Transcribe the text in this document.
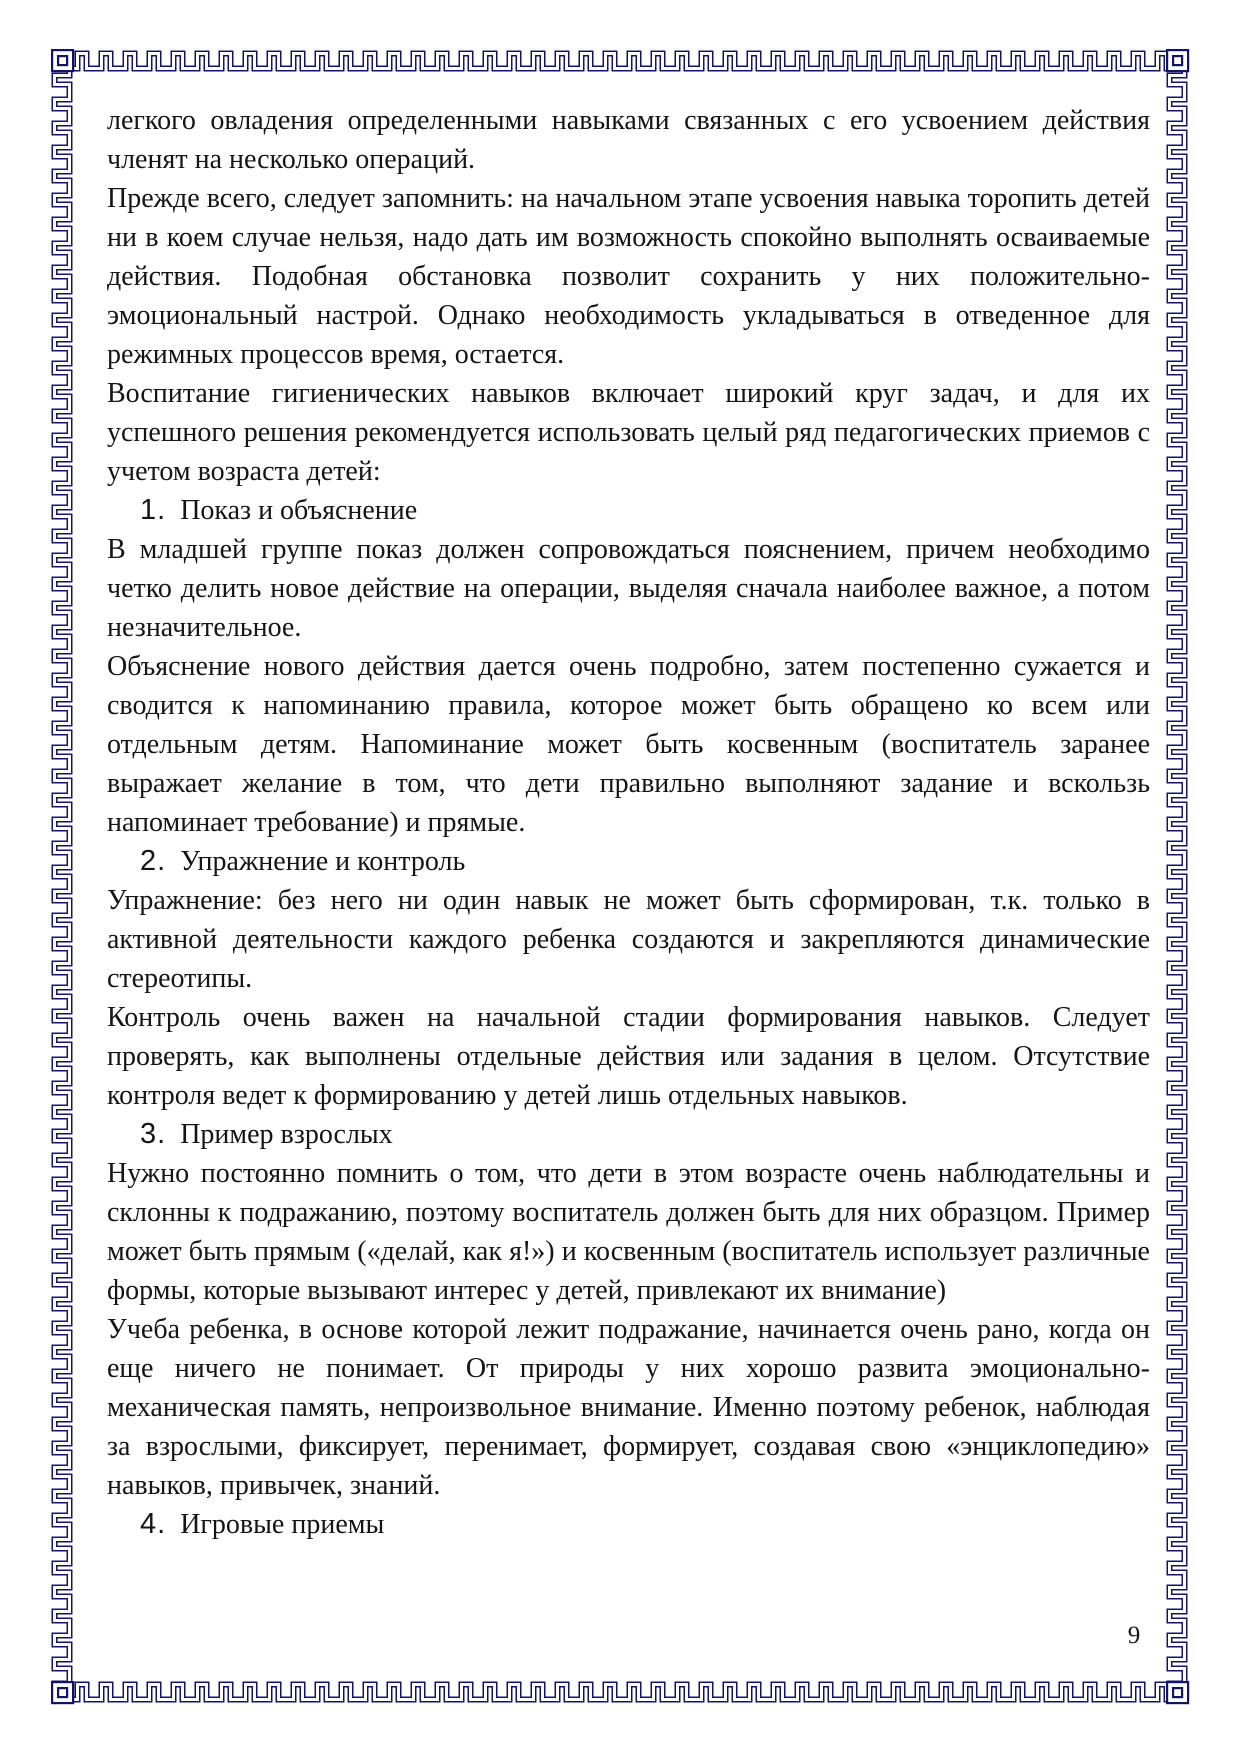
легкого овладения определенными навыками связанных с его усвоением действия членят на несколько операций.

Прежде всего, следует запомнить: на начальном этапе усвоения навыка торопить детей ни в коем случае нельзя, надо дать им возможность спокойно выполнять осваиваемые действия. Подобная обстановка позволит сохранить у них положительно-эмоциональный настрой. Однако необходимость укладываться в отведенное для режимных процессов время, остается.

Воспитание гигиенических навыков включает широкий круг задач, и для их успешного решения рекомендуется использовать целый ряд педагогических приемов с учетом возраста детей:

1. Показ и объяснение

В младшей группе показ должен сопровождаться пояснением, причем необходимо четко делить новое действие на операции, выделяя сначала наиболее важное, а потом незначительное.

Объяснение нового действия дается очень подробно, затем постепенно сужается и сводится к напоминанию правила, которое может быть обращено ко всем или отдельным детям. Напоминание может быть косвенным (воспитатель заранее выражает желание в том, что дети правильно выполняют задание и вскользь напоминает требование) и прямые.

2. Упражнение и контроль

Упражнение: без него ни один навык не может быть сформирован, т.к. только в активной деятельности каждого ребенка создаются и закрепляются динамические стереотипы.

Контроль очень важен на начальной стадии формирования навыков. Следует проверять, как выполнены отдельные действия или задания в целом. Отсутствие контроля ведет к формированию у детей лишь отдельных навыков.

3. Пример взрослых

Нужно постоянно помнить о том, что дети в этом возрасте очень наблюдательны и склонны к подражанию, поэтому воспитатель должен быть для них образцом. Пример может быть прямым («делай, как я!») и косвенным (воспитатель использует различные формы, которые вызывают интерес у детей, привлекают их внимание)

Учеба ребенка, в основе которой лежит подражание, начинается очень рано, когда он еще ничего не понимает. От природы у них хорошо развита эмоционально-механическая память, непроизвольное внимание. Именно поэтому ребенок, наблюдая за взрослыми, фиксирует, перенимает, формирует, создавая свою «энциклопедию» навыков, привычек, знаний.

4. Игровые приемы
9
